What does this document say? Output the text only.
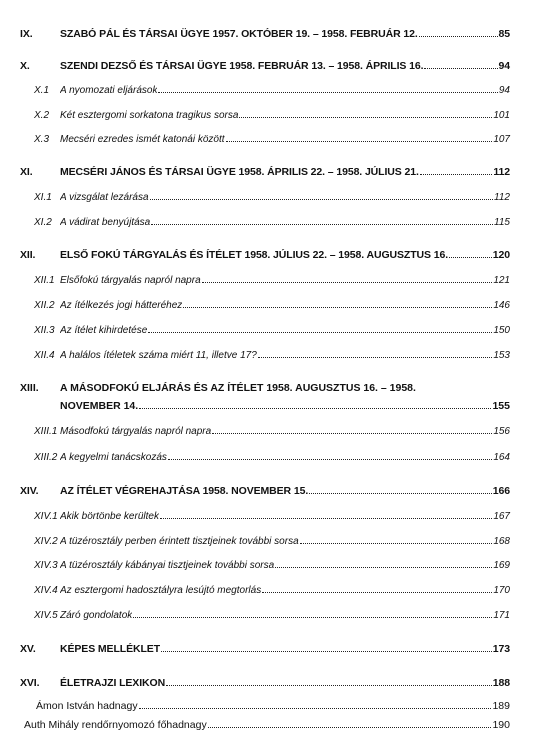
IX.	SZABÓ PÁL ÉS TÁRSAI ÜGYE 1957. OKTÓBER 19. – 1958. FEBRUÁR 12.	85
X.	SZENDI DEZSŐ ÉS TÁRSAI ÜGYE 1958. FEBRUÁR 13. – 1958. ÁPRILIS 16.	94
X.1	A nyomozati eljárások	94
X.2	Két esztergomi sorkatona tragikus sorsa	101
X.3	Mecséri ezredes ismét katonái között	107
XI.	MECSÉRI JÁNOS ÉS TÁRSAI ÜGYE 1958. ÁPRILIS 22. – 1958. JÚLIUS 21.	112
XI.1 A vizsgálat lezárása	112
XI.2 A vádirat benyújtása	115
XII.	ELSŐ FOKÚ TÁRGYALÁS ÉS ÍTÉLET 1958. JÚLIUS 22. – 1958. AUGUSZTUS 16.	120
XII.1 Elsőfokú tárgyalás napról napra	121
XII.2 Az ítélkezés jogi hátteréhez	146
XII.3 Az ítélet kihirdetése	150
XII.4 A halálos ítéletek száma miért 11, illetve 17?	153
XIII. A MÁSODFOKÚ ELJÁRÁS ÉS AZ ÍTÉLET 1958. AUGUSZTUS 16. – 1958.
NOVEMBER 14.	155
XIII.1 Másodfokú tárgyalás napról napra	156
XIII.2 A kegyelmi tanácskozás	164
XIV.	AZ ÍTÉLET VÉGREHAJTÁSA 1958. NOVEMBER 15.	166
XIV.1 Akik börtönbe kerültek	167
XIV.2 A tüzérosztály perben érintett tisztjeinek további sorsa	168
XIV.3 A tüzérosztály kábányai tisztjeinek további sorsa	169
XIV.4 Az esztergomi hadosztályra lesújtó megtorlás	170
XIV.5 Záró gondolatok	171
XV.	KÉPES MELLÉKLET	173
XVI.	ÉLETRAJZI LEXIKON	188
Ámon István hadnagy	189
Auth Mihály rendőrnyomozó főhadnagy	190
